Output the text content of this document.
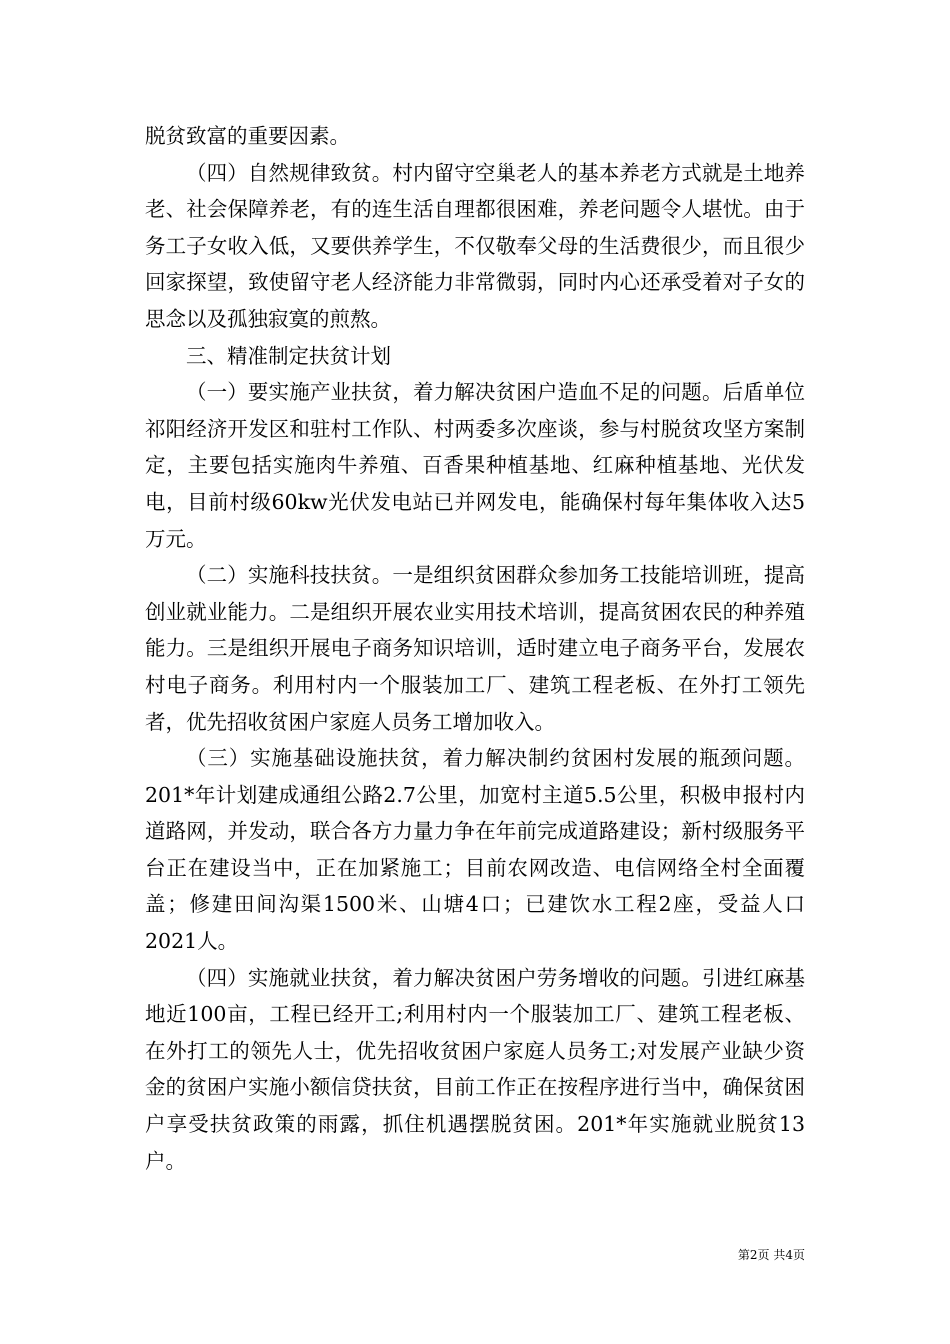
脱贫致富的重要因素。

（四）自然规律致贫。村内留守空巢老人的基本养老方式就是土地养老、社会保障养老，有的连生活自理都很困难，养老问题令人堪忧。由于务工子女收入低，又要供养学生，不仅敬奉父母的生活费很少，而且很少回家探望，致使留守老人经济能力非常微弱，同时内心还承受着对子女的思念以及孤独寂寞的煎熬。

三、精准制定扶贫计划

（一）要实施产业扶贫，着力解决贫困户造血不足的问题。后盾单位祁阳经济开发区和驻村工作队、村两委多次座谈，参与村脱贫攻坚方案制定，主要包括实施肉牛养殖、百香果种植基地、红麻种植基地、光伏发电，目前村级60kw光伏发电站已并网发电，能确保村每年集体收入达5万元。

（二）实施科技扶贫。一是组织贫困群众参加务工技能培训班，提高创业就业能力。二是组织开展农业实用技术培训，提高贫困农民的种养殖能力。三是组织开展电子商务知识培训，适时建立电子商务平台，发展农村电子商务。利用村内一个服装加工厂、建筑工程老板、在外打工领先者，优先招收贫困户家庭人员务工增加收入。

（三）实施基础设施扶贫，着力解决制约贫困村发展的瓶颈问题。201*年计划建成通组公路2.7公里，加宽村主道5.5公里，积极申报村内道路网，并发动，联合各方力量力争在年前完成道路建设；新村级服务平台正在建设当中，正在加紧施工；目前农网改造、电信网络全村全面覆盖；修建田间沟渠1500米、山塘4口；已建饮水工程2座，受益人口2021人。

（四）实施就业扶贫，着力解决贫困户劳务增收的问题。引进红麻基地近100亩，工程已经开工;利用村内一个服装加工厂、建筑工程老板、在外打工的领先人士，优先招收贫困户家庭人员务工;对发展产业缺少资金的贫困户实施小额信贷扶贫，目前工作正在按程序进行当中，确保贫困户享受扶贫政策的雨露，抓住机遇摆脱贫困。201*年实施就业脱贫13户。

第2页 共4页
